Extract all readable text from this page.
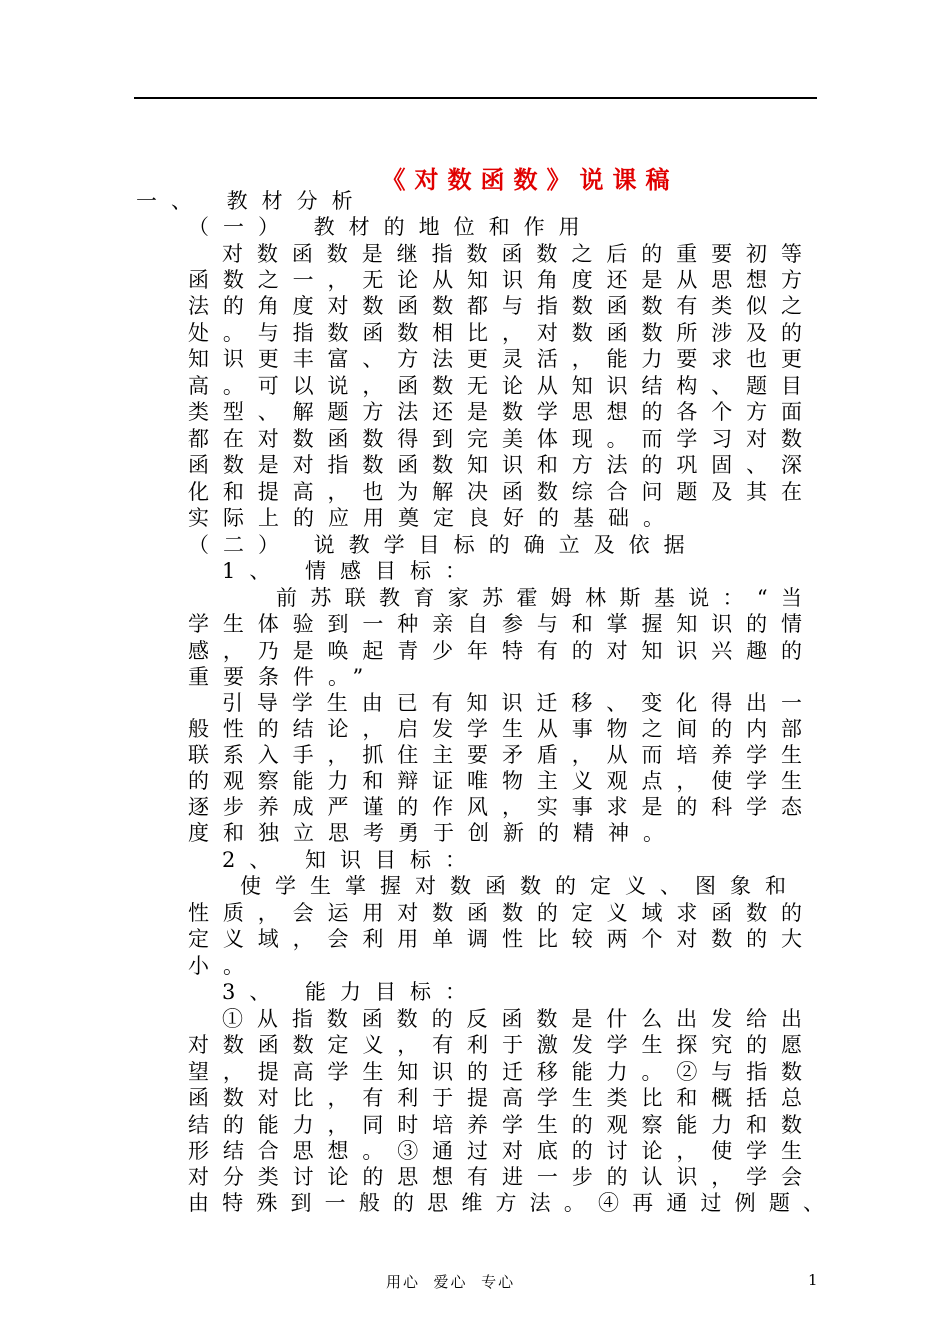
《对数函数》说课稿
一、 教材分析
（一） 教材的地位和作用
对数函数是继指数函数之后的重要初等
函数之一，无论从知识角度还是从思想方
法的角度对数函数都与指数函数有类似之
处。与指数函数相比，对数函数所涉及的
知识更丰富、方法更灵活，能力要求也更
高。可以说，函数无论从知识结构、题目
类型、解题方法还是数学思想的各个方面
都在对数函数得到完美体现。而学习对数
函数是对指数函数知识和方法的巩固、深
化和提高，也为解决函数综合问题及其在
实际上的应用奠定良好的基础。
（二） 说教学目标的确立及依据
1、 情感目标：
前苏联教育家苏霍姆林斯基说：“当
学生体验到一种亲自参与和掌握知识的情
感，乃是唤起青少年特有的对知识兴趣的
重要条件。”
引导学生由已有知识迁移、变化得出一
般性的结论，启发学生从事物之间的内部
联系入手，抓住主要矛盾，从而培养学生
的观察能力和辩证唯物主义观点，使学生
逐步养成严谨的作风，实事求是的科学态
度和独立思考勇于创新的精神。
2、 知识目标：
使学生掌握对数函数的定义、图象和
性质，会运用对数函数的定义域求函数的
定义域，会利用单调性比较两个对数的大
小。
3、 能力目标：
①从指数函数的反函数是什么出发给出
对数函数定义，有利于激发学生探究的愿
望，提高学生知识的迁移能力。②与指数
函数对比，有利于提高学生类比和概括总
结的能力，同时培养学生的观察能力和数
形结合思想。③通过对底的讨论，使学生
对分类讨论的思想有进一步的认识，学会
由特殊到一般的思维方法。④再通过例题、
用心  爱心  专心	1
